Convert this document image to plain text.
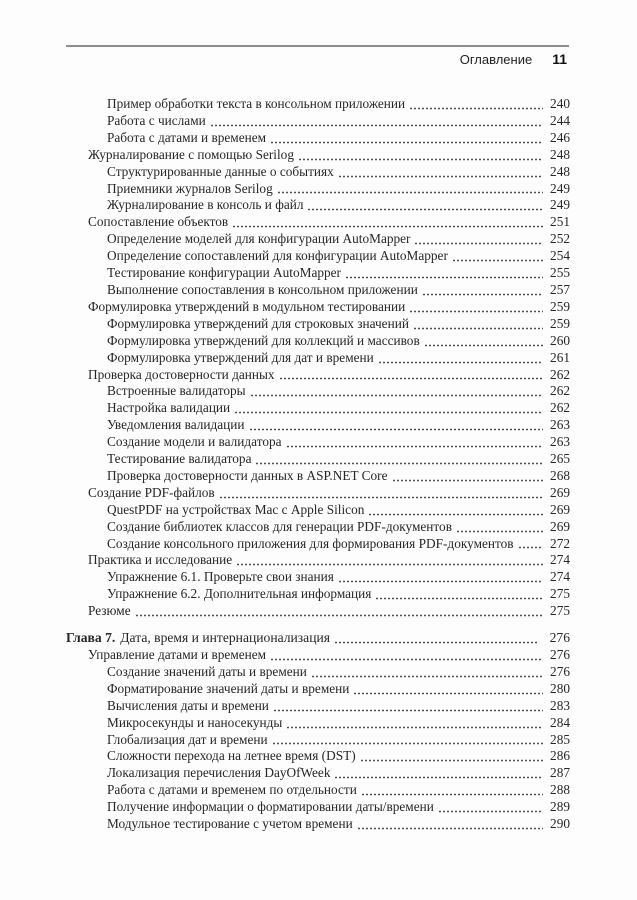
Оглавление 11
Пример обработки текста в консольном приложении	240
Работа с числами	244
Работа с датами и временем	246
Журналирование с помощью Serilog	248
Структурированные данные о событиях	248
Приемники журналов Serilog	249
Журналирование в консоль и файл	249
Сопоставление объектов	251
Определение моделей для конфигурации AutoMapper	252
Определение сопоставлений для конфигурации AutoMapper	254
Тестирование конфигурации AutoMapper	255
Выполнение сопоставления в консольном приложении	257
Формулировка утверждений в модульном тестировании	259
Формулировка утверждений для строковых значений	259
Формулировка утверждений для коллекций и массивов	260
Формулировка утверждений для дат и времени	261
Проверка достоверности данных	262
Встроенные валидаторы	262
Настройка валидации	262
Уведомления валидации	263
Создание модели и валидатора	263
Тестирование валидатора	265
Проверка достоверности данных в ASP.NET Core	268
Создание PDF-файлов	269
QuestPDF на устройствах Mac с Apple Silicon	269
Создание библиотек классов для генерации PDF-документов	269
Создание консольного приложения для формирования PDF-документов	272
Практика и исследование	274
Упражнение 6.1. Проверьте свои знания	274
Упражнение 6.2. Дополнительная информация	275
Резюме	275
Глава 7. Дата, время и интернационализация	276
Управление датами и временем	276
Создание значений даты и времени	276
Форматирование значений даты и времени	280
Вычисления даты и времени	283
Микросекунды и наносекунды	284
Глобализация дат и времени	285
Сложности перехода на летнее время (DST)	286
Локализация перечисления DayOfWeek	287
Работа с датами и временем по отдельности	288
Получение информации о форматировании даты/времени	289
Модульное тестирование с учетом времени	290
